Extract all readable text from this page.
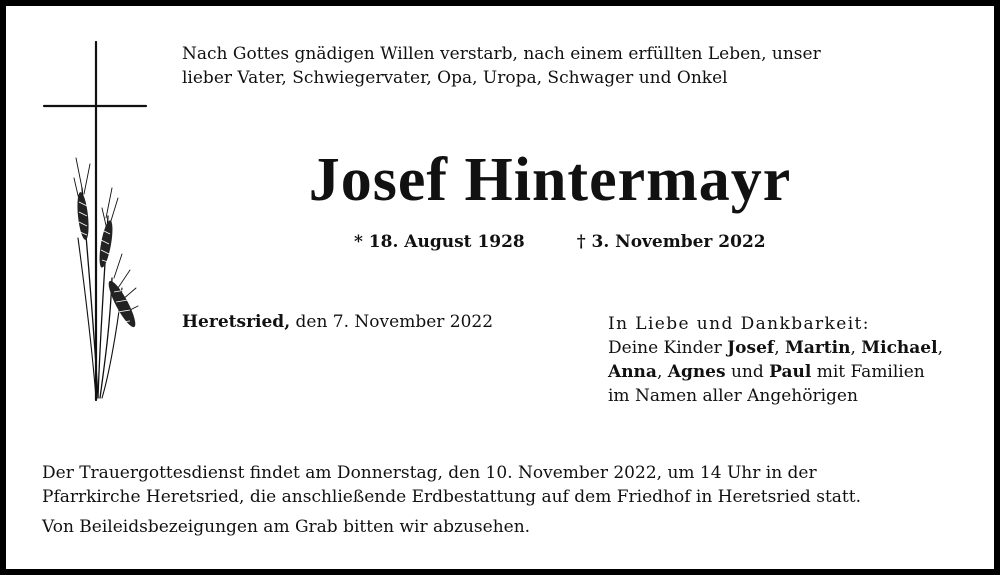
Nach Gottes gnädigen Willen verstarb, nach einem erfüllten Leben, unser
lieber Vater, Schwiegervater, Opa, Uropa, Schwager und Onkel
Josef Hintermayr
* 18. August 1928	† 3. November 2022
Heretsried, den 7. November 2022	In Liebe und Dankbarkeit:
Deine Kinder Josef, Martin, Michael,
Anna, Agnes und Paul mit Familien
im Namen aller Angehörigen

Der Trauergottesdienst findet am Donnerstag, den 10. November 2022, um 14 Uhr in der
Pfarrkirche Heretsried, die anschließende Erdbestattung auf dem Friedhof in Heretsried statt.

Von Beileidsbezeigungen am Grab bitten wir abzusehen.
